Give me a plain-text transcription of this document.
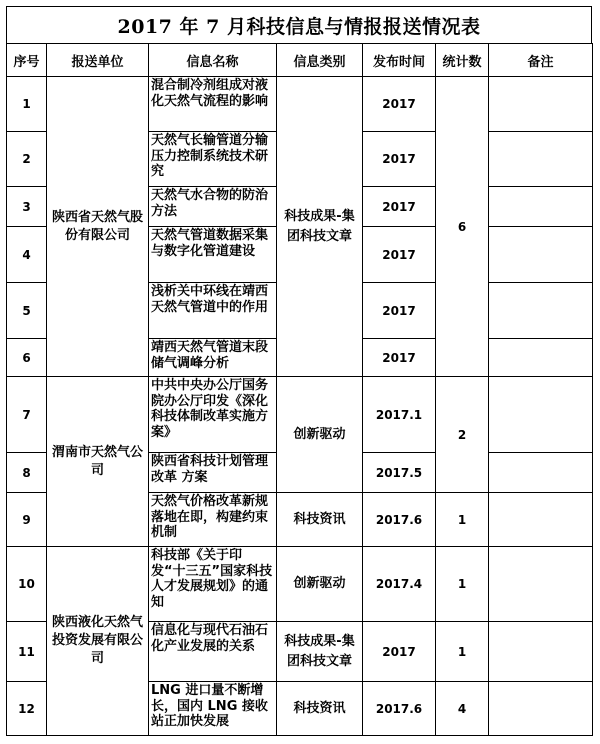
2017 年 7 月科技信息与情报报送情况表
序号	报送单位	信息名称	信息类别	发布时间	统计数	备注
1	陕西省天然气股份有限公司	混合制冷剂组成对液化天然气流程的影响	科技成果-集团科技文章	2017	6	
2		天然气长输管道分输压力控制系统技术研究		2017		
3		天然气水合物的防治方法		2017		
4		天然气管道数据采集与数字化管道建设		2017		
5		浅析关中环线在靖西天然气管道中的作用		2017		
6		靖西天然气管道末段储气调峰分析		2017		
7	渭南市天然气公司	中共中央办公厅国务院办公厅印发《深化科技体制改革实施方案》	创新驱动	2017.1	2	
8		陕西省科技计划管理改革 方案		2017.5		
9		天然气价格改革新规落地在即，构建约束机制	科技资讯	2017.6	1	
10	陕西液化天然气投资发展有限公司	科技部《关于印发“十三五”国家科技人才发展规划》的通知	创新驱动	2017.4	1	
11		信息化与现代石油石化产业发展的关系	科技成果-集团科技文章	2017	1	
12		LNG 进口量不断增长，国内 LNG 接收站正加快发展	科技资讯	2017.6	4	
